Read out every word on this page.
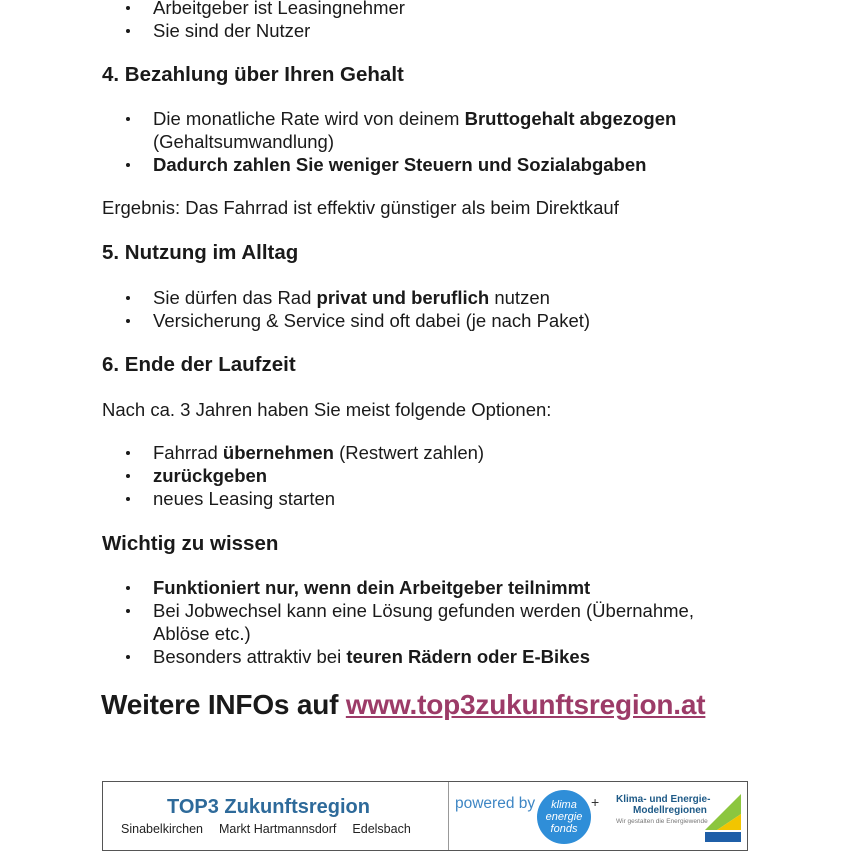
Arbeitgeber ist Leasingnehmer
Sie sind der Nutzer
4. Bezahlung über Ihren Gehalt
Die monatliche Rate wird von deinem Bruttogehalt abgezogen
(Gehaltsumwandlung)
Dadurch zahlen Sie weniger Steuern und Sozialabgaben

Ergebnis: Das Fahrrad ist effektiv günstiger als beim Direktkauf

5. Nutzung im Alltag
Sie dürfen das Rad privat und beruflich nutzen
Versicherung & Service sind oft dabei (je nach Paket)
6. Ende der Laufzeit

Nach ca. 3 Jahren haben Sie meist folgende Optionen:

Fahrrad übernehmen (Restwert zahlen)
zurückgeben
neues Leasing starten
Wichtig zu wissen
Funktioniert nur, wenn dein Arbeitgeber teilnimmt
Bei Jobwechsel kann eine Lösung gefunden werden (Übernahme,
Ablöse etc.)
Besonders attraktiv bei teuren Rädern oder E-Bikes
Weitere INFOs auf www.top3zukunftsregion.at
TOP3 Zukunftsregion
Sinabelkirchen Markt Hartmannsdorf Edelsbach
powered by	klima
energie
fonds
+ Klima- und Energie-
Modellregionen
Wir gestalten die Energiewende
